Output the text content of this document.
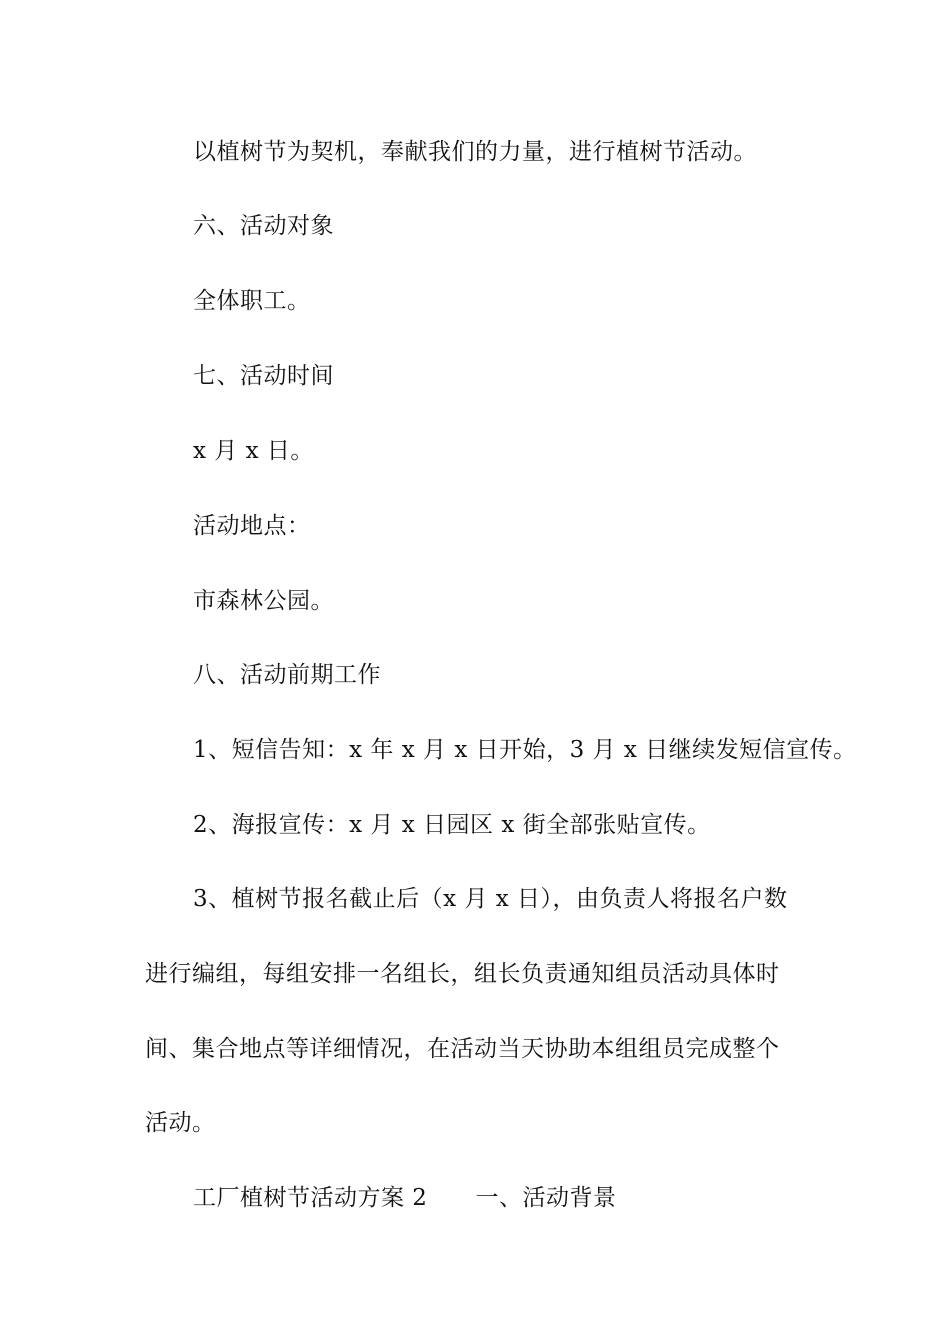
以植树节为契机，奉献我们的力量，进行植树节活动。
六、活动对象
全体职工。
七、活动时间
x 月 x 日。
活动地点：
市森林公园。
八、活动前期工作
1、短信告知：x 年 x 月 x 日开始，3 月 x 日继续发短信宣传。
2、海报宣传：x 月 x 日园区 x 街全部张贴宣传。
3、植树节报名截止后（x 月 x 日），由负责人将报名户数
进行编组，每组安排一名组长，组长负责通知组员活动具体时
间、集合地点等详细情况，在活动当天协助本组组员完成整个
活动。
工厂植树节活动方案 2 一、活动背景
